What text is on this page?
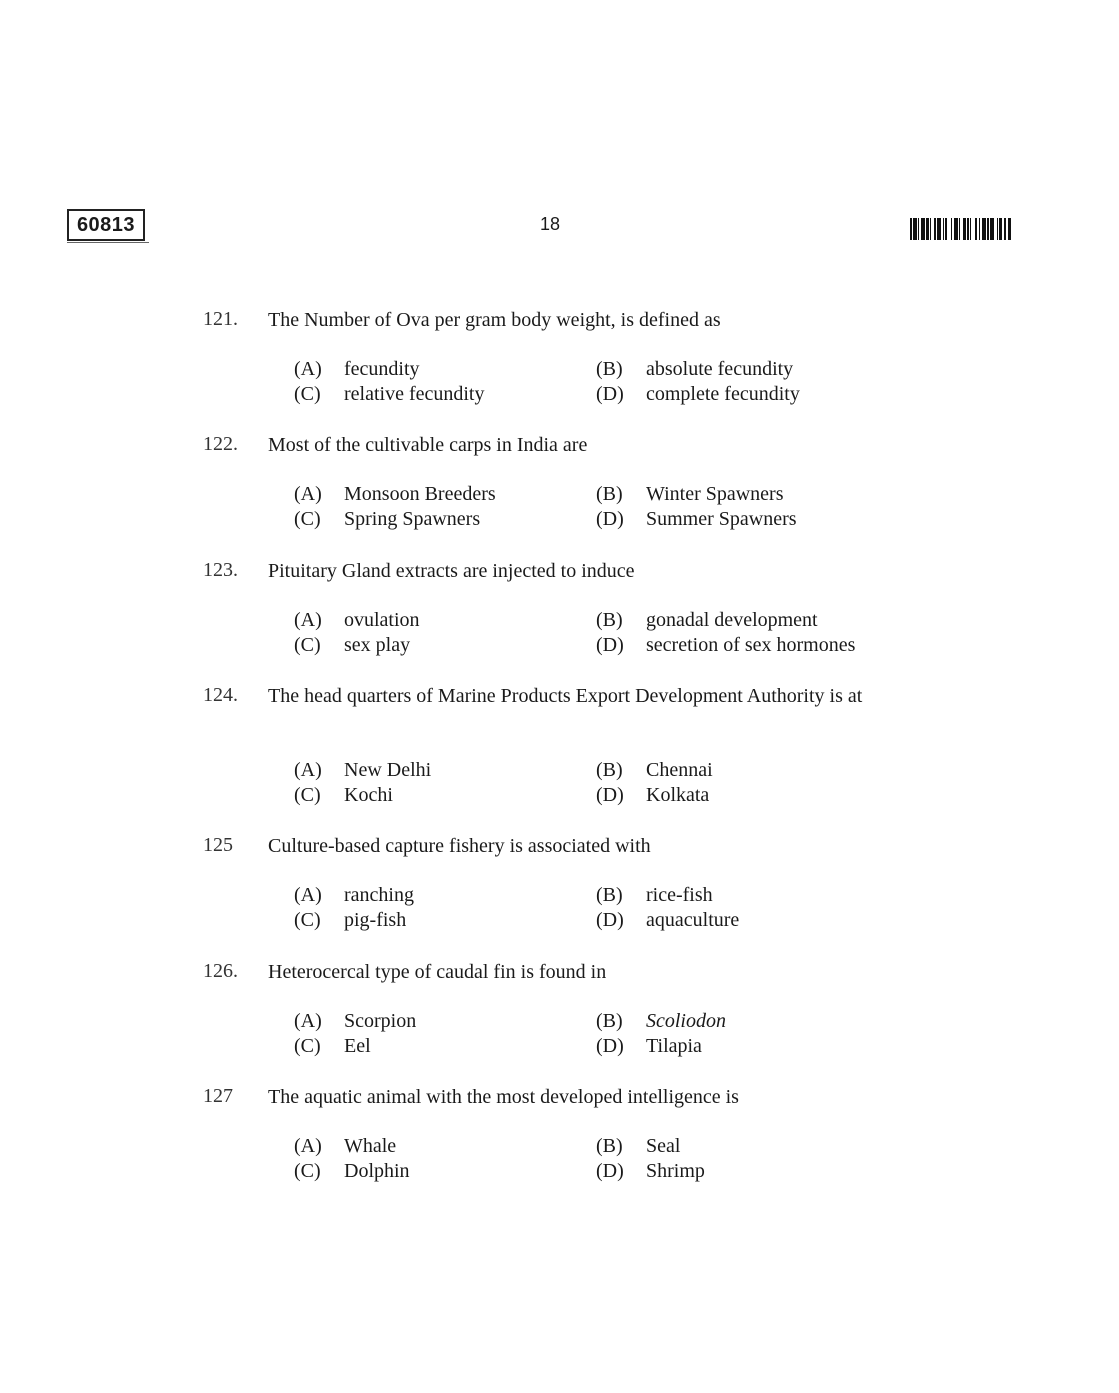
60813	18
121. The Number of Ova per gram body weight, is defined as
(A) fecundity	(B) absolute fecundity
(C) relative fecundity	(D) complete fecundity
122. Most of the cultivable carps in India are
(A) Monsoon Breeders	(B) Winter Spawners
(C) Spring Spawners	(D) Summer Spawners
123. Pituitary Gland extracts are injected to induce
(A) ovulation	(B) gonadal development
(C) sex play	(D) secretion of sex hormones
124. The head quarters of Marine Products Export Development Authority is at
(A) New Delhi	(B) Chennai
(C) Kochi	(D) Kolkata
125 Culture-based capture fishery is associated with
(A) ranching	(B) rice-fish
(C) pig-fish	(D) aquaculture
126. Heterocercal type of caudal fin is found in
(A) Scorpion	(B) Scoliodon
(C) Eel	(D) Tilapia
127 The aquatic animal with the most developed intelligence is
(A) Whale	(B) Seal
(C) Dolphin	(D) Shrimp
